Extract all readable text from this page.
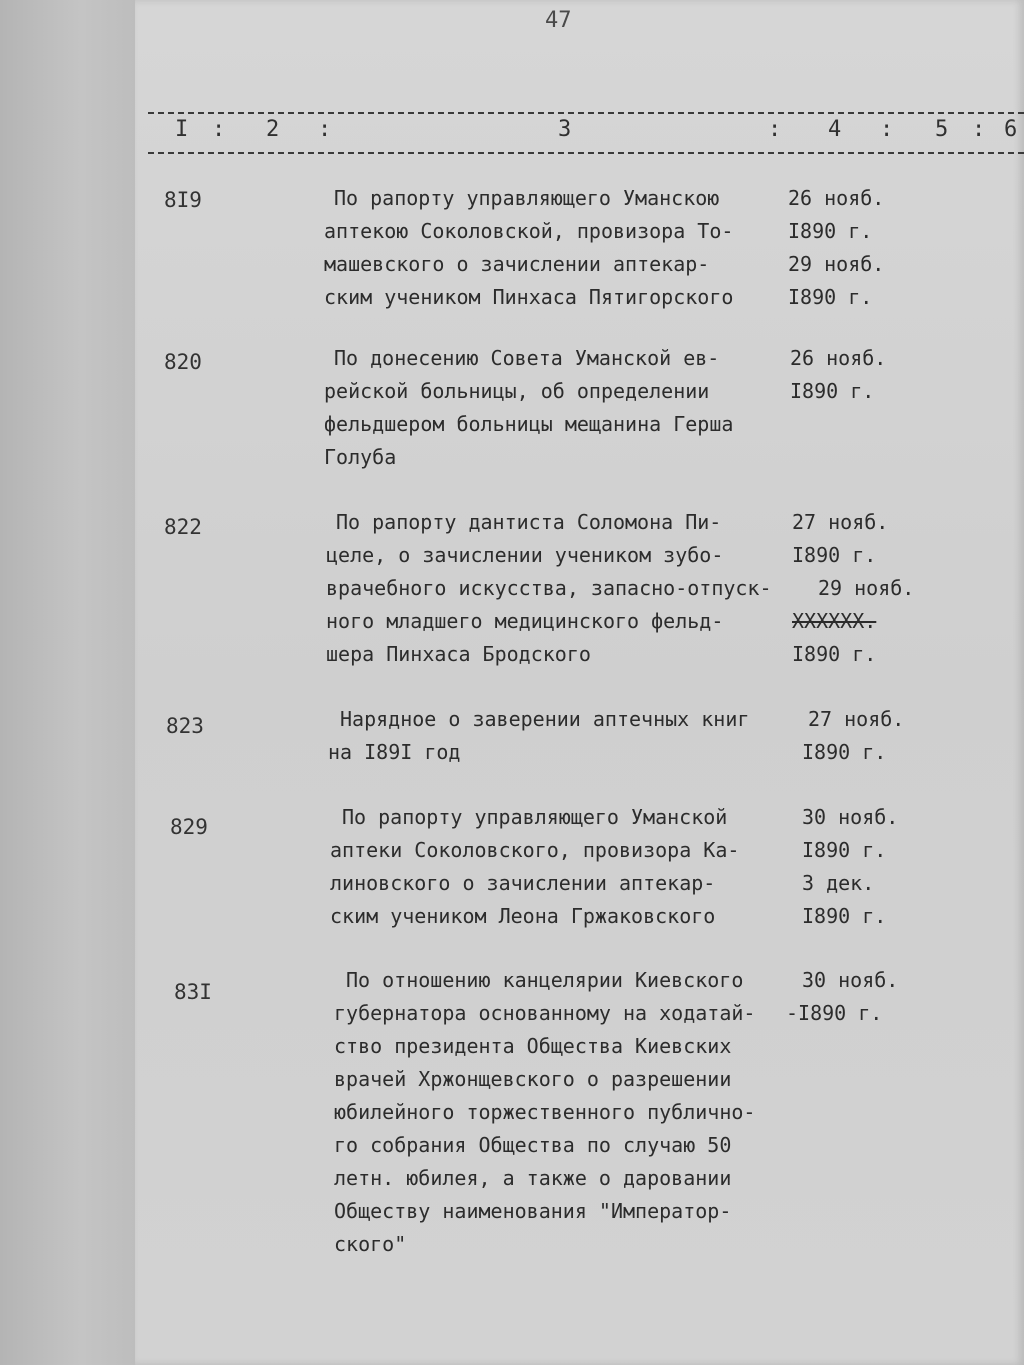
47
I : 2 :	3	: 4 : 5 : 6
8I9	По рапорту управляющего Уманскою
аптекою Соколовской, провизора То-
машевского о зачислении аптекар-
ским учеником Пинхаса Пятигорского
26 нояб.
I890 г.
29 нояб.
I890 г.
820	По донесению Совета Уманской ев-
рейской больницы, об определении
фельдшером больницы мещанина Герша
Голуба
26 нояб.
I890 г.
822	По рапорту дантиста Соломона Пи-
целе, о зачислении учеником зубо-
врачебного искусства, запасно-отпуск-
ного младшего медицинского фельд-
шера Пинхаса Бродского
27 нояб.
I890 г.
29 нояб.
XXXXXX.
I890 г.
823	Нарядное о заверении аптечных книг
на I89I год
27 нояб.
I890 г.
829	По рапорту управляющего Уманской
аптеки Соколовского, провизора Ка-
линовского о зачислении аптекар-
ским учеником Леона Гржаковского
30 нояб.
I890 г.
3 дек.
I890 г.
83I	По отношению канцелярии Киевского
губернатора основанному на ходатай-
ство президента Общества Киевских
врачей Хржонщевского о разрешении
юбилейного торжественного публично-
го собрания Общества по случаю 50
летн. юбилея, а также о даровании
Обществу наименования "Император-
ского"
30 нояб.
-I890 г.
